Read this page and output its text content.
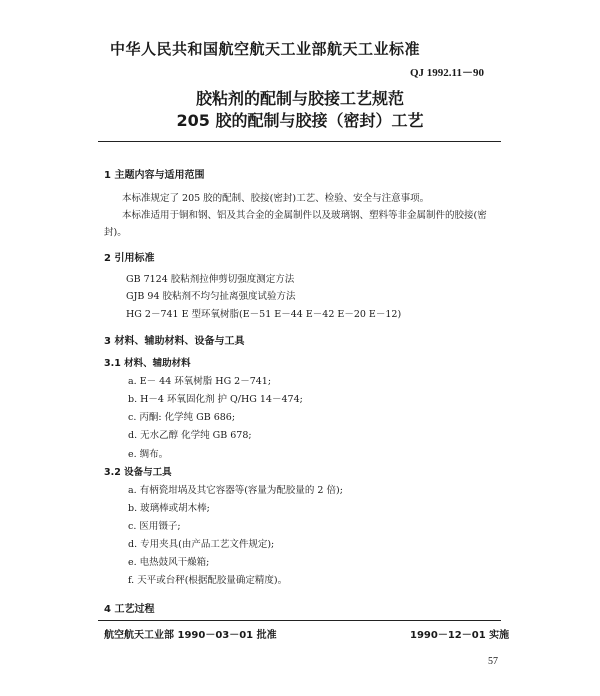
中华人民共和国航空航天工业部航天工业标准
QJ 1992.11－90
胶粘剂的配制与胶接工艺规范
205 胶的配制与胶接（密封）工艺
1 主题内容与适用范围
本标准规定了 205 胶的配制、胶接(密封)工艺、检验、安全与注意事项。
本标准适用于铜和钢、铝及其合金的金属制件以及玻璃钢、塑料等非金属制件的胶接(密封)。
2 引用标准
GB 7124 胶粘剂拉伸剪切强度测定方法
GJB 94 胶粘剂不均匀扯离强度试验方法
HG 2－741 E 型环氧树脂(E－51 E－44 E－42 E－20 E－12)
3 材料、辅助材料、设备与工具
3.1 材料、辅助材料
a. E－ 44 环氧树脂 HG 2－741;
b. H－4 环氧固化剂 护 Q/HG 14－474;
c. 丙酮: 化学纯 GB 686;
d. 无水乙醇 化学纯 GB 678;
e. 绸布。
3.2 设备与工具
a. 有柄瓷坩埚及其它容器等(容量为配胶量的 2 倍);
b. 玻璃棒或胡木棒;
c. 医用镊子;
d. 专用夹具(由产品工艺文件规定);
e. 电热鼓风干燥箱;
f. 天平或台秤(根据配胶量确定精度)。
4 工艺过程
航空航天工业部 1990－03－01 批准	1990－12－01 实施
57
